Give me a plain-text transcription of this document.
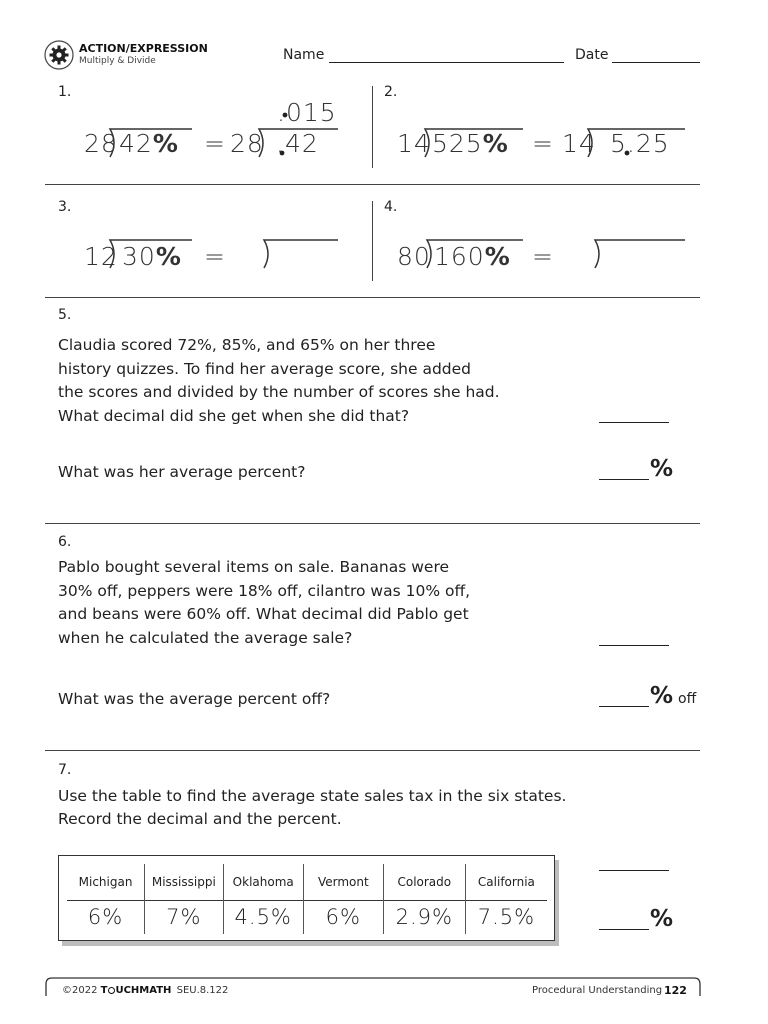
ACTION/EXPRESSION
Multiply & Divide	Name	Date
1.	2.
28 42% = 28 .42
.015
14 525% = 14 5.25
3.	4.
12 30% =	80 160% =
5.
Claudia scored 72%, 85%, and 65% on her three
history quizzes. To find her average score, she added
the scores and divided by the number of scores she had.
What decimal did she get when she did that?
What was her average percent?	%
6.
Pablo bought several items on sale. Bananas were
30% off, peppers were 18% off, cilantro was 10% off,
and beans were 60% off. What decimal did Pablo get
when he calculated the average sale?
What was the average percent off?	% off
7.
Use the table to find the average state sales tax in the six states.
Record the decimal and the percent.
Michigan	Mississippi	Oklahoma	Vermont	Colorado	California
6%	7%	4.5%	6%	2.9%	7.5%	%
©2022 T UCHMATH SEU.8.122	Procedural Understanding 122
